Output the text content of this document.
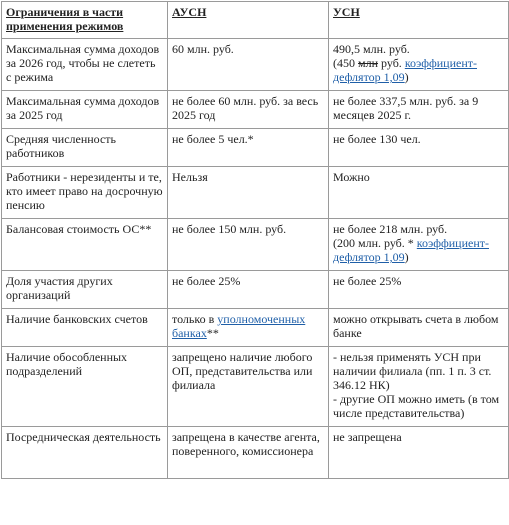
Ограничения в части применения режимов	АУСН	УСН
Максимальная сумма доходов за 2026 год, чтобы не слететь с режима	60 млн. руб.	490,5 млн. руб.
(450 млн руб. коэффициент-дефлятор 1,09)

Максимальная сумма доходов за 2025 год	не более 60 млн. руб. за весь 2025 год	не более 337,5 млн. руб. за 9 месяцев 2025 г.
Средняя численность работников	не более 5 чел.*	не более 130 чел.
Работники - нерезиденты и те, кто имеет право на досрочную пенсию	Нельзя	Можно
Балансовая стоимость ОС**	не более 150 млн. руб.	не более 218 млн. руб.
(200 млн. руб. * коэффициент-дефлятор 1,09)

Доля участия других организаций	не более 25%	не более 25%
Наличие банковских счетов	только в уполномоченных банках**	можно открывать счета в любом банке
Наличие обособленных подразделений	запрещено наличие любого ОП, представительства или филиала	- нельзя применять УСН при наличии филиала (пп. 1 п. 3 ст. 346.12 НК)
- другие ОП можно иметь (в том числе представительства)

Посредническая деятельность	запрещена в качестве агента, поверенного, комиссионера	не запрещена
